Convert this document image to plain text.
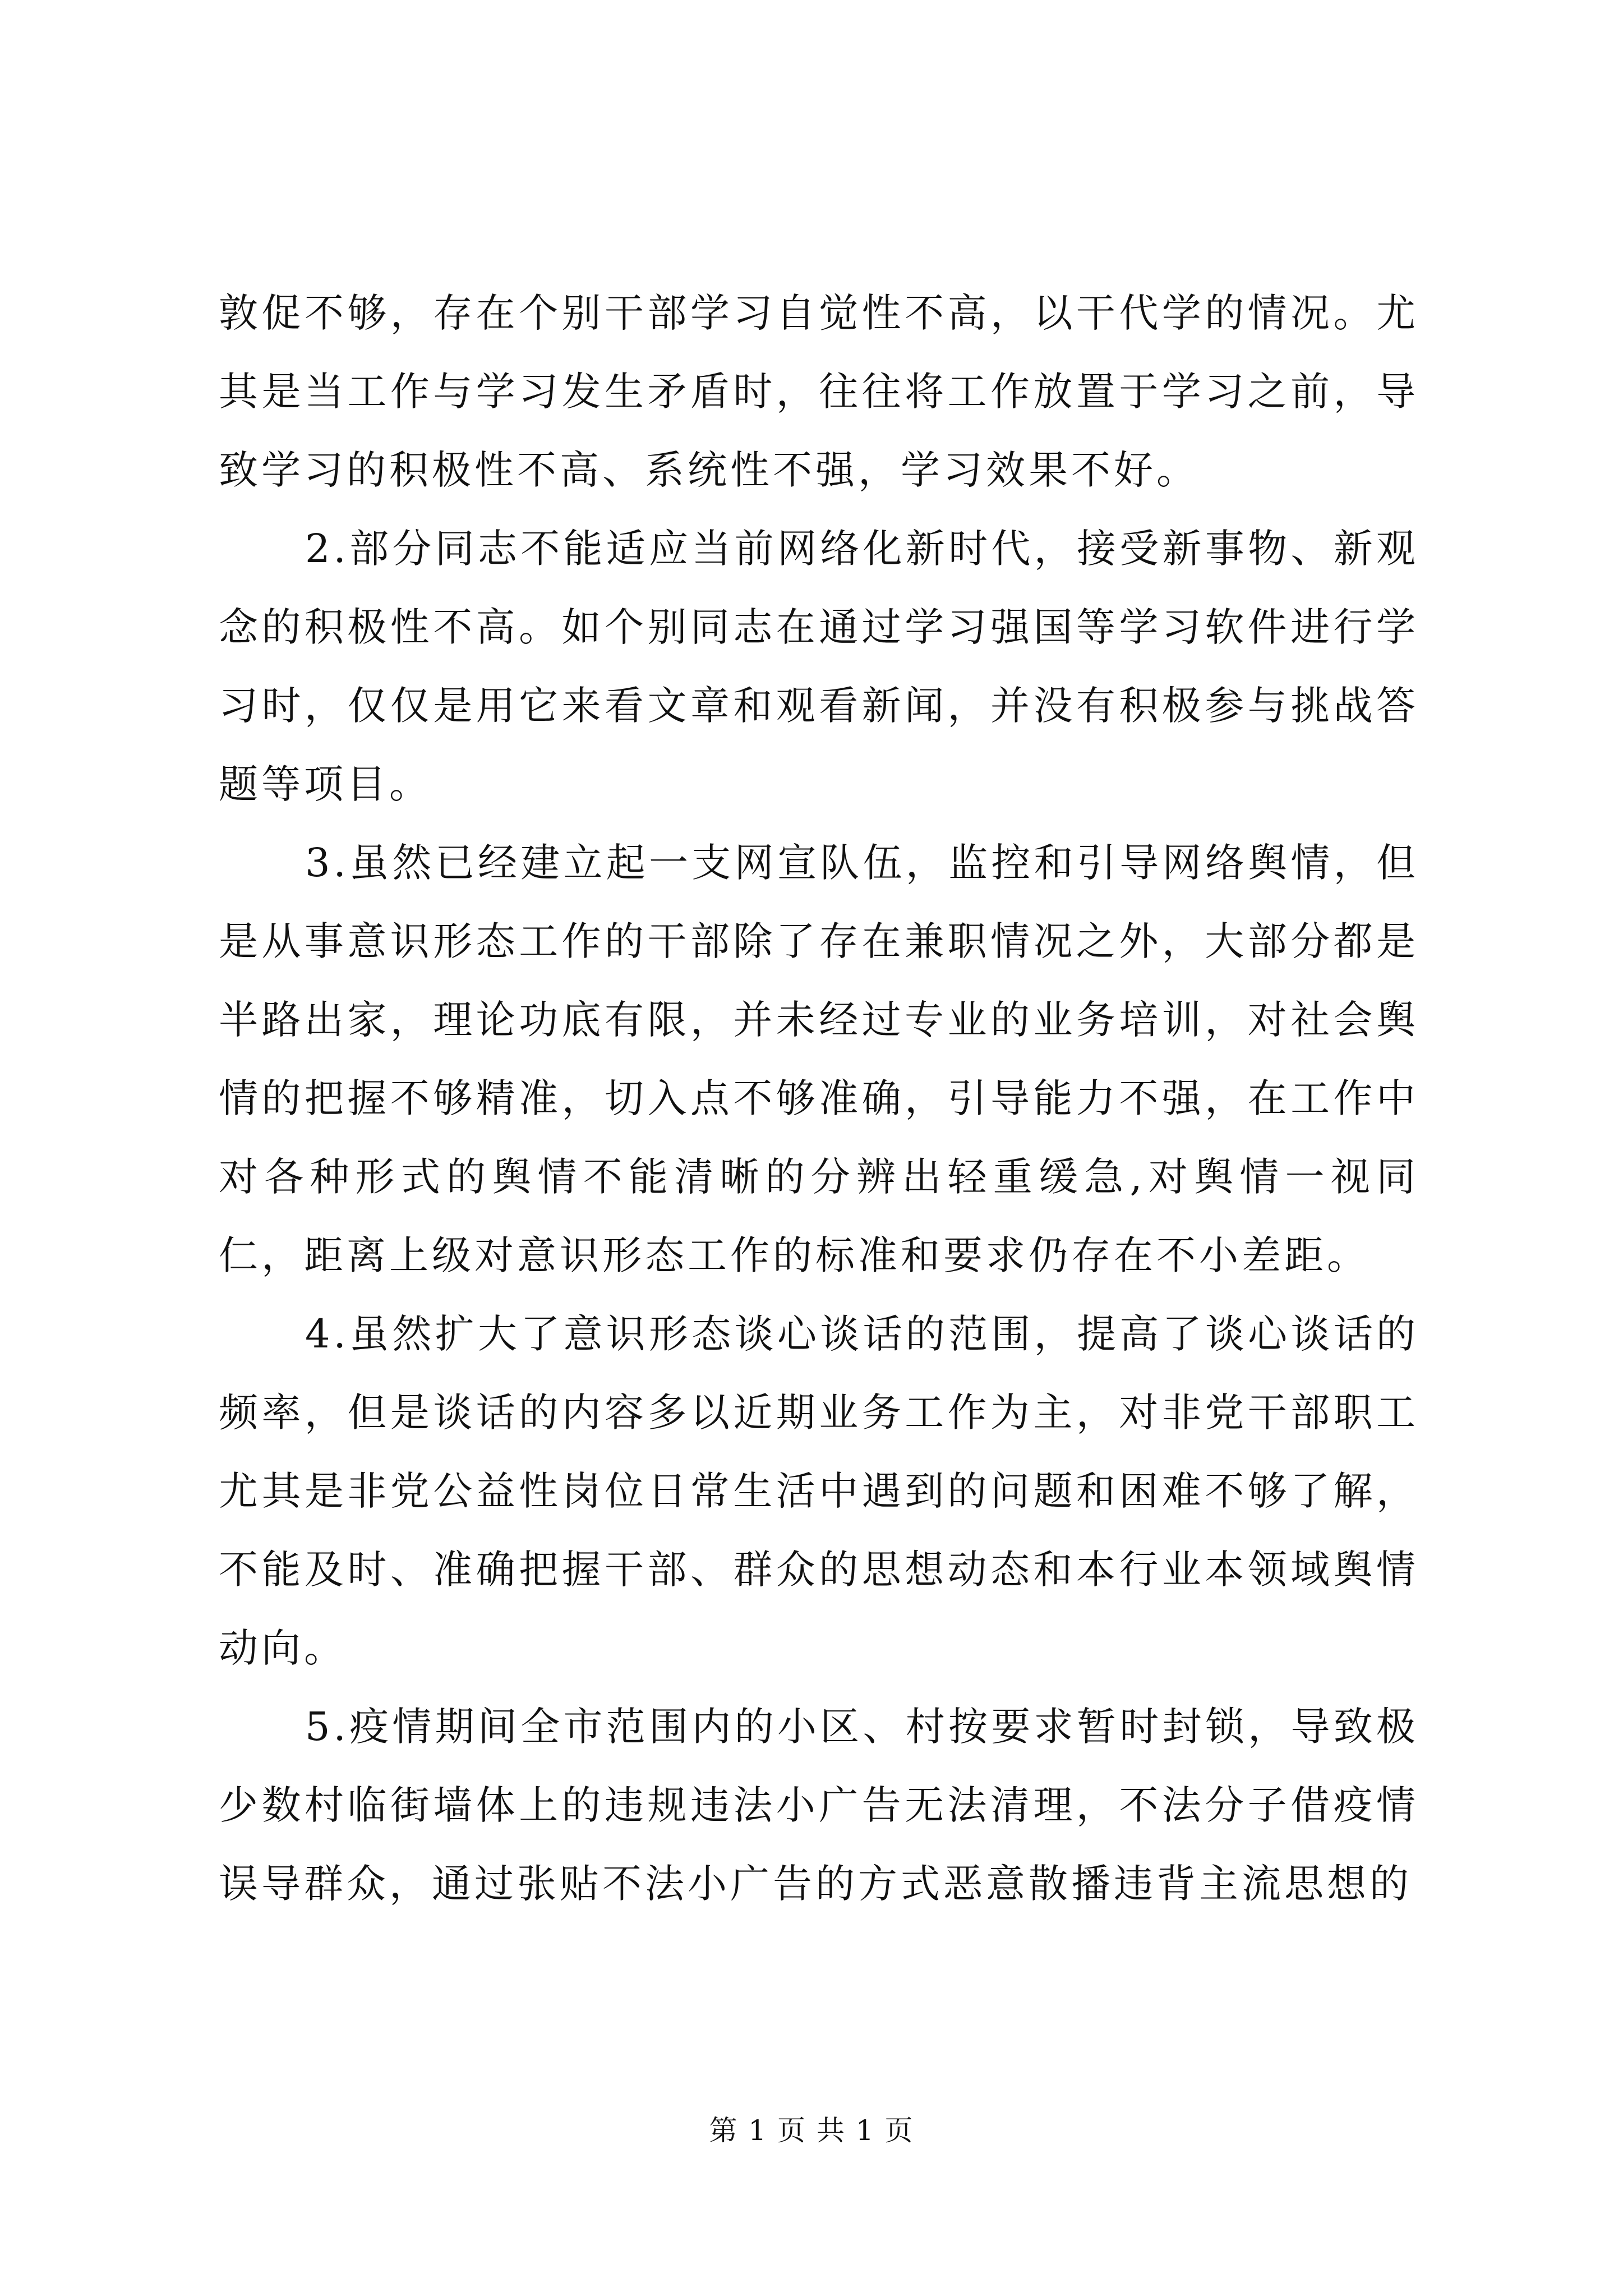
敦促不够，存在个别干部学习自觉性不高，以干代学的情况。尤其是当工作与学习发生矛盾时，往往将工作放置于学习之前，导致学习的积极性不高、系统性不强，学习效果不好。

2.部分同志不能适应当前网络化新时代，接受新事物、新观念的积极性不高。如个别同志在通过学习强国等学习软件进行学习时，仅仅是用它来看文章和观看新闻，并没有积极参与挑战答题等项目。

3.虽然已经建立起一支网宣队伍，监控和引导网络舆情，但是从事意识形态工作的干部除了存在兼职情况之外，大部分都是半路出家，理论功底有限，并未经过专业的业务培训，对社会舆情的把握不够精准，切入点不够准确，引导能力不强，在工作中对各种形式的舆情不能清晰的分辨出轻重缓急,对舆情一视同仁，距离上级对意识形态工作的标准和要求仍存在不小差距。

4.虽然扩大了意识形态谈心谈话的范围，提高了谈心谈话的频率，但是谈话的内容多以近期业务工作为主，对非党干部职工尤其是非党公益性岗位日常生活中遇到的问题和困难不够了解，不能及时、准确把握干部、群众的思想动态和本行业本领域舆情动向。

5.疫情期间全市范围内的小区、村按要求暂时封锁，导致极少数村临街墙体上的违规违法小广告无法清理，不法分子借疫情误导群众，通过张贴不法小广告的方式恶意散播违背主流思想的

第 1 页 共 1 页
